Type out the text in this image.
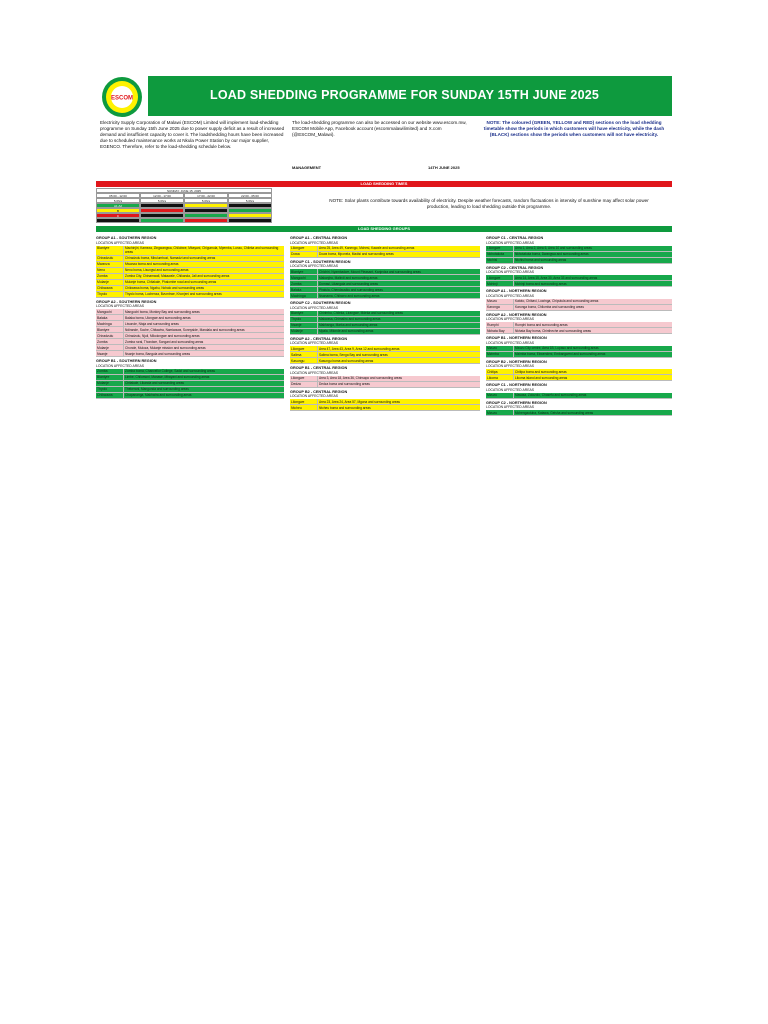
ESCOM	LOAD SHEDDING PROGRAMME FOR SUNDAY 15TH JUNE 2025
Electricity Supply Corporation of Malawi (ESCOM) Limited will implement load-shedding programme on Sunday 15th June 2025 due to power supply deficit as a result of increased demand and insufficient capacity to cover it. The loadshedding hours have been increased due to scheduled maintenance works at Nkula Power Station by our major supplier, EGENCO. Therefore, refer to the load-shedding schedule below.
The load-shedding programme can also be accessed on our website www.escom.mw, ESCOM Mobile App, Facebook account (escommalawilimited) and X.com (@ESCOM_Malawi).
NOTE: The coloured (GREEN, YELLOW and RED) sections on the load shedding timetable show the periods in which customers will have electricity, while the dash (BLACK) sections show the periods when customers will not have electricity.
MANAGEMENT	14TH JUNE 2025
LOAD SHEDDING TIMES
SUNDAY, JUNE 15, 2025
05:00 - 12:00	12:00 - 17:00	17:00 - 22:00	22:00 - 05:00
5.0hrs	5.0hrs	5.0hrs	5.0hrs
A1 A2
B
C
NOTE: Solar plants contribute towards availability of electricity. Despite weather forecasts, random fluctuations in intensity of sunshine may affect solar power production, leading to load shedding outside this programme.
LOAD SHEDDING GROUPS
GROUP A1 - SOUTHERN REGION
LOCATION AFFECTED AREAS
Blantyre	Machinjiri, Kameza, Zingwangwa, Chilobwe, Mbayani, Chigumula, Mpemba, Lunzu, Chileka and surrounding areas
Chiradzulu	Chiradzulu boma, Mbulumbuzi, Namadzi and surrounding areas
Mwanza	Mwanza boma and surrounding areas
Neno	Neno boma, Lisungwi and surrounding areas
Zomba	Zomba City, Chinamwali, Matawale, Chikanda, Jali and surrounding areas
Mulanje	Mulanje boma, Chitakale, Phalombe road and surrounding areas
Chikwawa	Chikwawa boma, Ngabu, Nchalo and surrounding areas
Thyolo	Thyolo boma, Luchenza, Bvumbwe, Khonjeni and surrounding areas
GROUP A2 - SOUTHERN REGION
LOCATION AFFECTED AREAS
Mangochi	Mangochi boma, Monkey Bay and surrounding areas
Balaka	Balaka boma, Ulongwe and surrounding areas
Machinga	Liwonde, Ntaja and surrounding areas
Blantyre	Ndirande, Soche, Chitawira, Namiwawa, Sunnyside, Mandala and surrounding areas
Chiradzulu	Chiradzulu, Njuli, Mikolongwe and surrounding areas
Zomba	Zomba rural, Thondwe, Songani and surrounding areas
Mulanje	Chonde, Muloza, Mulanje mission and surrounding areas
Nsanje	Nsanje boma, Bangula and surrounding areas
GROUP B1 - SOUTHERN REGION
LOCATION AFFECTED AREAS
Zomba	Zomba boma, Chancellor College, Sadzi and surrounding areas
Blantyre	Limbe, Chilomoni, Manase, Mbayani and surrounding areas
Mulanje	Chitakale, Likanda and surrounding areas
Thyolo	Thekerani, Mangunda and surrounding areas
Chikwawa	Chapananga, Makhwira and surrounding areas
GROUP A1 - CENTRAL REGION
LOCATION AFFECTED AREAS
Lilongwe	Area 25, Area 49, Kanengo, Mchesi, Kawale and surrounding areas
Dowa	Dowa boma, Mponela, Madisi and surrounding areas
GROUP C1 - SOUTHERN REGION
LOCATION AFFECTED AREAS
Blantyre	Chichiri, Nyambadwe, Mount Pleasant, Kanjedza and surrounding areas
Mangochi	Makanjira, Malindi and surrounding areas
Zomba	Domasi, Likangala and surrounding areas
Balaka	Phalula, Chendausiku and surrounding areas
Machinga	Nsanama, Chikweo and surrounding areas
GROUP C2 - SOUTHERN REGION
LOCATION AFFECTED AREAS
Blantyre	Chirimba, Chileka, Lirangwe, Mdeka and surrounding areas
Thyolo	Makwasa, Chimaliro and surrounding areas
Nsanje	Makhanga, Marka and surrounding areas
Mulanje	Mpala, Milonde and surrounding areas
GROUP A2 - CENTRAL REGION
LOCATION AFFECTED AREAS
Lilongwe	Area 47, Area 43, Area 9, Area 12 and surrounding areas
Salima	Salima boma, Senga Bay and surrounding areas
Kasungu	Kasungu boma and surrounding areas
GROUP B1 - CENTRAL REGION
LOCATION AFFECTED AREAS
Lilongwe	Area 3, Area 18, Area 36, Chinsapo and surrounding areas
Dedza	Dedza boma and surrounding areas
GROUP B2 - CENTRAL REGION
LOCATION AFFECTED AREAS
Lilongwe	Area 23, Area 24, Area 57, Mgona and surrounding areas
Ntcheu	Ntcheu boma and surrounding areas
GROUP C1 - CENTRAL REGION
LOCATION AFFECTED AREAS
Lilongwe	Area 1, Area 2, Area 6, Area 10 and surrounding areas
Nkhotakota	Nkhotakota boma, Dwangwa and surrounding areas
Ntchisi	Ntchisi boma and surrounding areas
GROUP C2 - CENTRAL REGION
LOCATION AFFECTED AREAS
Lilongwe	Area 14, Area 15, Area 30, Area 33 and surrounding areas
Mchinji	Mchinji boma and surrounding areas
GROUP A1 - NORTHERN REGION
LOCATION AFFECTED AREAS
Mzuzu	Katoto, Chibavi, Luwinga, Chiputula and surrounding areas
Karonga	Karonga boma, Chilumba and surrounding areas
GROUP A2 - NORTHERN REGION
LOCATION AFFECTED AREAS
Rumphi	Rumphi boma and surrounding areas
Nkhata Bay	Nkhata Bay boma, Chintheche and surrounding areas
GROUP B1 - NORTHERN REGION
LOCATION AFFECTED AREAS
Mzuzu	Mzuzu City centre, Area 1B, Lupaso and surrounding areas
Mzimba	Mzimba boma, Ekwendeni, Embangweni and surrounding areas
GROUP B2 - NORTHERN REGION
LOCATION AFFECTED AREAS
Chitipa	Chitipa boma and surrounding areas
Likoma	Likoma island and surrounding areas
GROUP C1 - NORTHERN REGION
LOCATION AFFECTED AREAS
Mzuzu	Masasa, Zolozolo, Chasefu and surrounding areas
GROUP C2 - NORTHERN REGION
LOCATION AFFECTED AREAS
Mzuzu	Mchengautuba, Katawa, Geisha and surrounding areas
